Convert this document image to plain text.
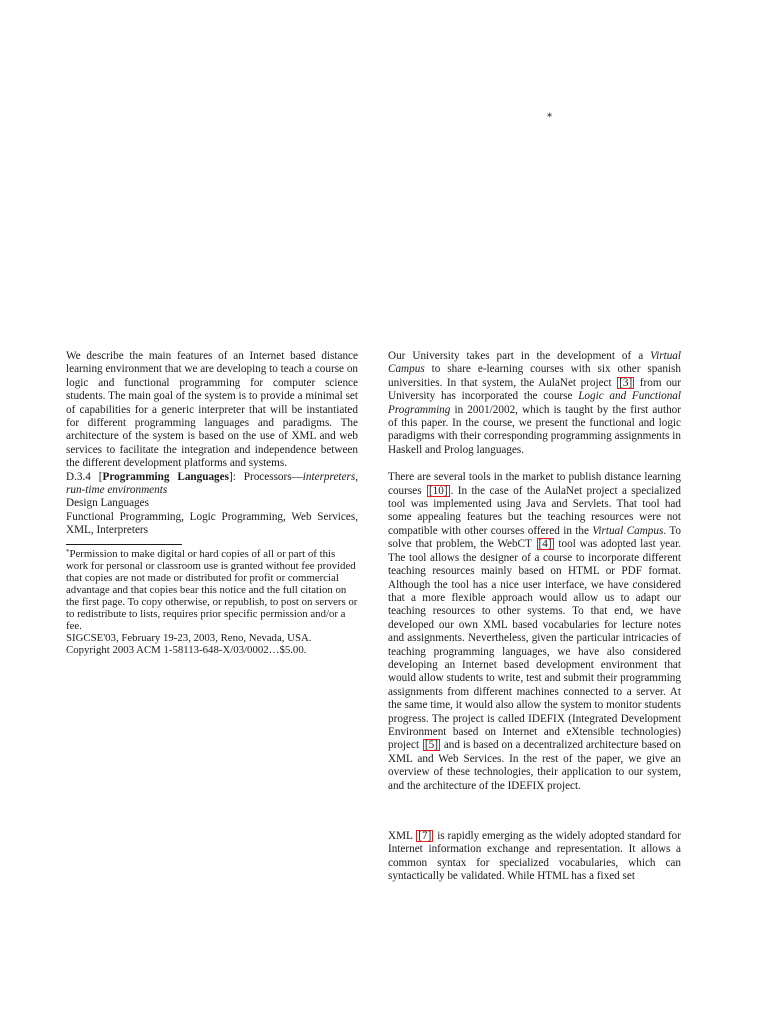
*

We describe the main features of an Internet based distance learning environment that we are developing to teach a course on logic and functional programming for computer science students. The main goal of the system is to provide a minimal set of capabilities for a generic interpreter that will be instantiated for different programming languages and paradigms. The architecture of the system is based on the use of XML and web services to facilitate the integration and independence between the different development platforms and systems.

D.3.4 [Programming Languages]: Processors—interpreters, run-time environments

Design Languages

Functional Programming, Logic Programming, Web Services, XML, Interpreters

*Permission to make digital or hard copies of all or part of this work for personal or classroom use is granted without fee provided that copies are not made or distributed for profit or commercial advantage and that copies bear this notice and the full citation on the first page. To copy otherwise, or republish, to post on servers or to redistribute to lists, requires prior specific permission and/or a fee.
SIGCSE'03, February 19-23, 2003, Reno, Nevada, USA.
Copyright 2003 ACM 1-58113-648-X/03/0002…$5.00.

Our University takes part in the development of a Virtual Campus to share e-learning courses with six other spanish universities. In that system, the AulaNet project [3] from our University has incorporated the course Logic and Functional Programming in 2001/2002, which is taught by the first author of this paper. In the course, we present the functional and logic paradigms with their corresponding programming assignments in Haskell and Prolog languages.

There are several tools in the market to publish distance learning courses [10] . In the case of the AulaNet project a specialized tool was implemented using Java and Servlets. That tool had some appealing features but the teaching resources were not compatible with other courses offered in the Virtual Campus. To solve that problem, the WebCT [4] tool was adopted last year. The tool allows the designer of a course to incorporate different teaching resources mainly based on HTML or PDF format. Although the tool has a nice user interface, we have considered that a more flexible approach would allow us to adapt our teaching resources to other systems. To that end, we have developed our own XML based vocabularies for lecture notes and assignments. Nevertheless, given the particular intricacies of teaching programming languages, we have also considered developing an Internet based development environment that would allow students to write, test and submit their programming assignments from different machines connected to a server. At the same time, it would also allow the system to monitor students progress. The project is called IDEFIX (Integrated Development Environment based on Internet and eXtensible technologies) project [5] and is based on a decentralized architecture based on XML and Web Services. In the rest of the paper, we give an overview of these technologies, their application to our system, and the architecture of the IDEFIX project.

XML [7] is rapidly emerging as the widely adopted standard for Internet information exchange and representation. It allows a common syntax for specialized vocabularies, which can syntactically be validated. While HTML has a fixed set
